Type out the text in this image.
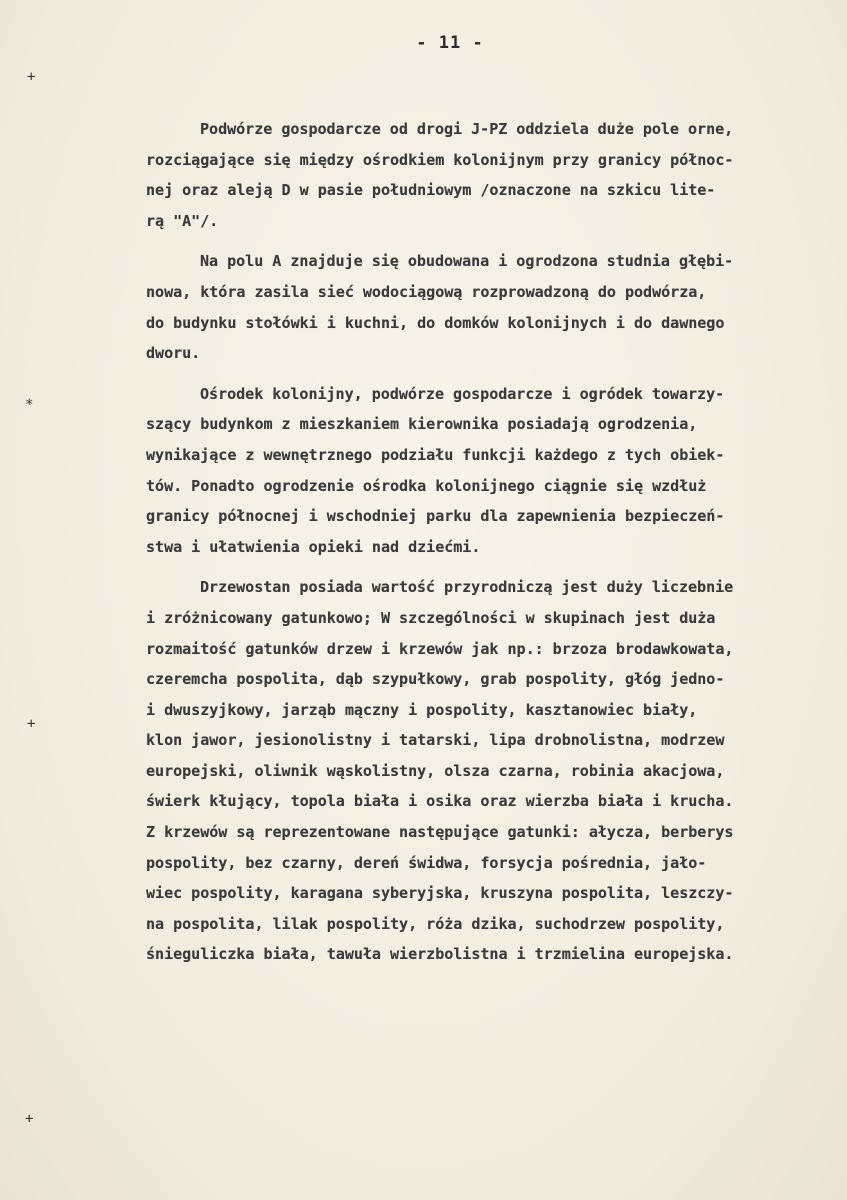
- 11 -
+
*
+
+

Podwórze gospodarcze od drogi J-PZ oddziela duże pole orne,
rozciągające się między ośrodkiem kolonijnym przy granicy północ-
nej oraz aleją D w pasie południowym /oznaczone na szkicu lite-
rą "A"/.

Na polu A znajduje się obudowana i ogrodzona studnia głębi-
nowa, która zasila sieć wodociągową rozprowadzoną do podwórza,
do budynku stołówki i kuchni, do domków kolonijnych i do dawnego
dworu.

Ośrodek kolonijny, podwórze gospodarcze i ogródek towarzy-
szący budynkom z mieszkaniem kierownika posiadają ogrodzenia,
wynikające z wewnętrznego podziału funkcji każdego z tych obiek-
tów. Ponadto ogrodzenie ośrodka kolonijnego ciągnie się wzdłuż
granicy północnej i wschodniej parku dla zapewnienia bezpieczeń-
stwa i ułatwienia opieki nad dziećmi.

Drzewostan posiada wartość przyrodniczą jest duży liczebnie
i zróżnicowany gatunkowo; W szczególności w skupinach jest duża
rozmaitość gatunków drzew i krzewów jak np.: brzoza brodawkowata,
czeremcha pospolita, dąb szypułkowy, grab pospolity, głóg jedno-
i dwuszyjkowy, jarząb mączny i pospolity, kasztanowiec biały,
klon jawor, jesionolistny i tatarski, lipa drobnolistna, modrzew
europejski, oliwnik wąskolistny, olsza czarna, robinia akacjowa,
świerk kłujący, topola biała i osika oraz wierzba biała i krucha.
Z krzewów są reprezentowane następujące gatunki: ałycza, berberys
pospolity, bez czarny, dereń świdwa, forsycja pośrednia, jało-
wiec pospolity, karagana syberyjska, kruszyna pospolita, leszczy-
na pospolita, lilak pospolity, róża dzika, suchodrzew pospolity,
śnieguliczka biała, tawuła wierzbolistna i trzmielina europejska.
